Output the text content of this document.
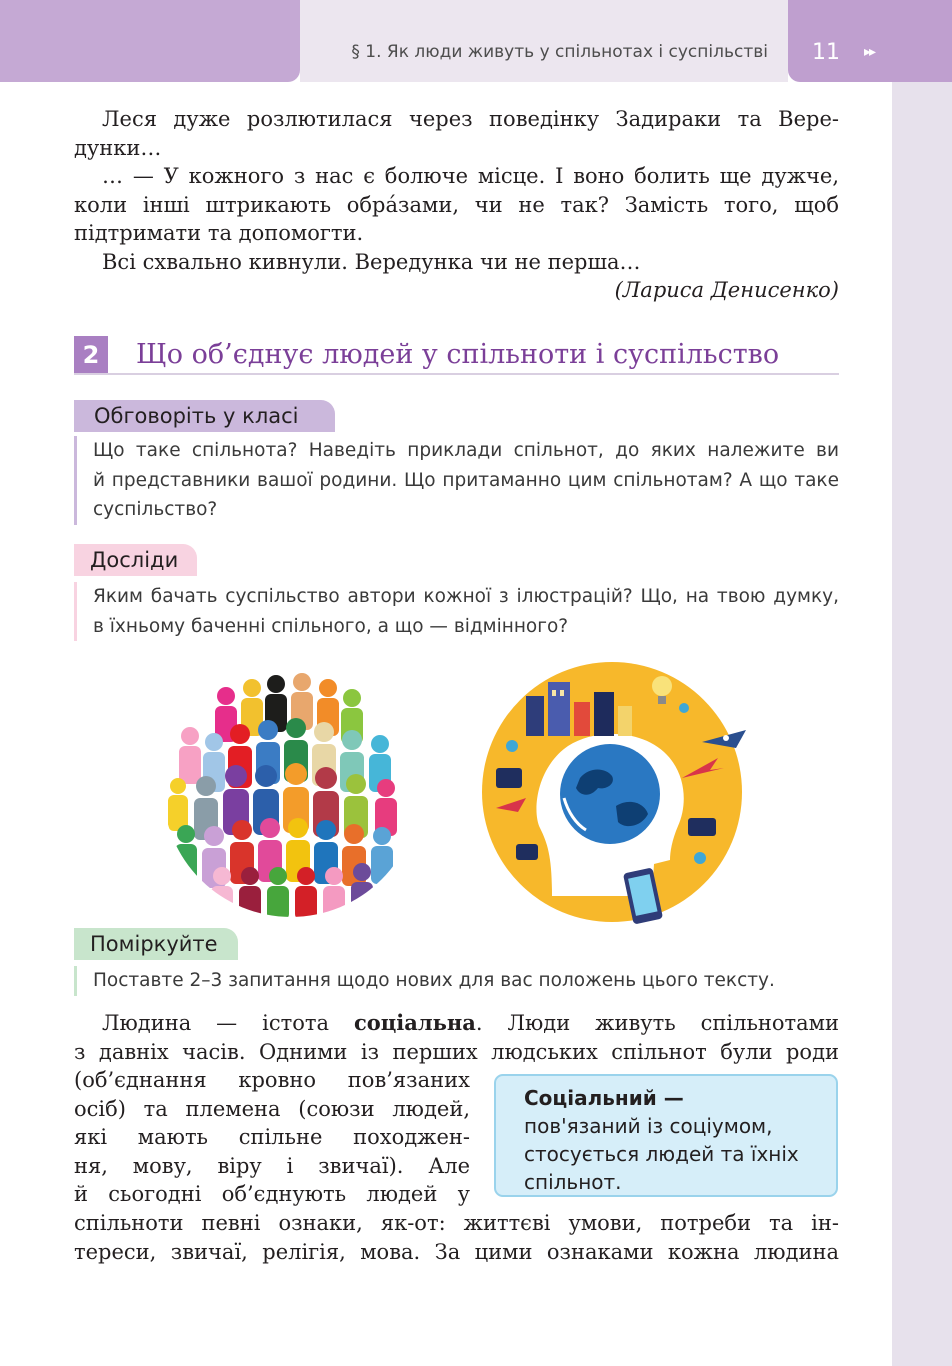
§ 1. Як люди живуть у спільнотах і суспільстві 11 ▸▸
Леся дуже розлютилася через поведінку Задираки та Вере-
дунки…
… — У кожного з нас є болюче місце. І воно болить ще дужче,
коли інші штрикають обра́зами, чи не так? Замість того, щоб
підтримати та допомогти.
Всі схвально кивнули. Вередунка чи не перша…
(Лариса Денисенко)
2	Що об’єднує людей у спільноти і суспільство
Обговоріть у класі
Що таке спільнота? Наведіть приклади спільнот, до яких належите ви
й представники вашої родини. Що притаманно цим спільнотам? А що таке
суспільство?
Досліди
Яким бачать суспільство автори кожної з ілюстрацій? Що, на твою думку,
в їхньому баченні спільного, а що — відмінного?
Поміркуйте
Поставте 2–3 запитання щодо нових для вас положень цього тексту.
Людина — істота соціальна. Люди живуть спільнотами
з давніх часів. Одними із перших людських спільнот були роди
(об’єднання кровно пов’язаних
осіб) та племена (союзи людей,
які мають спільне походжен-
ня, мову, віру і звичаї). Але
й сьогодні об’єднують людей у
спільноти певні ознаки, як-от: життєві умови, потреби та ін-
тереси, звичаї, релігія, мова. За цими ознаками кожна людина
Соціальний —
пов'язаний із соціумом,
стосується людей та їхніх
спільнот.
